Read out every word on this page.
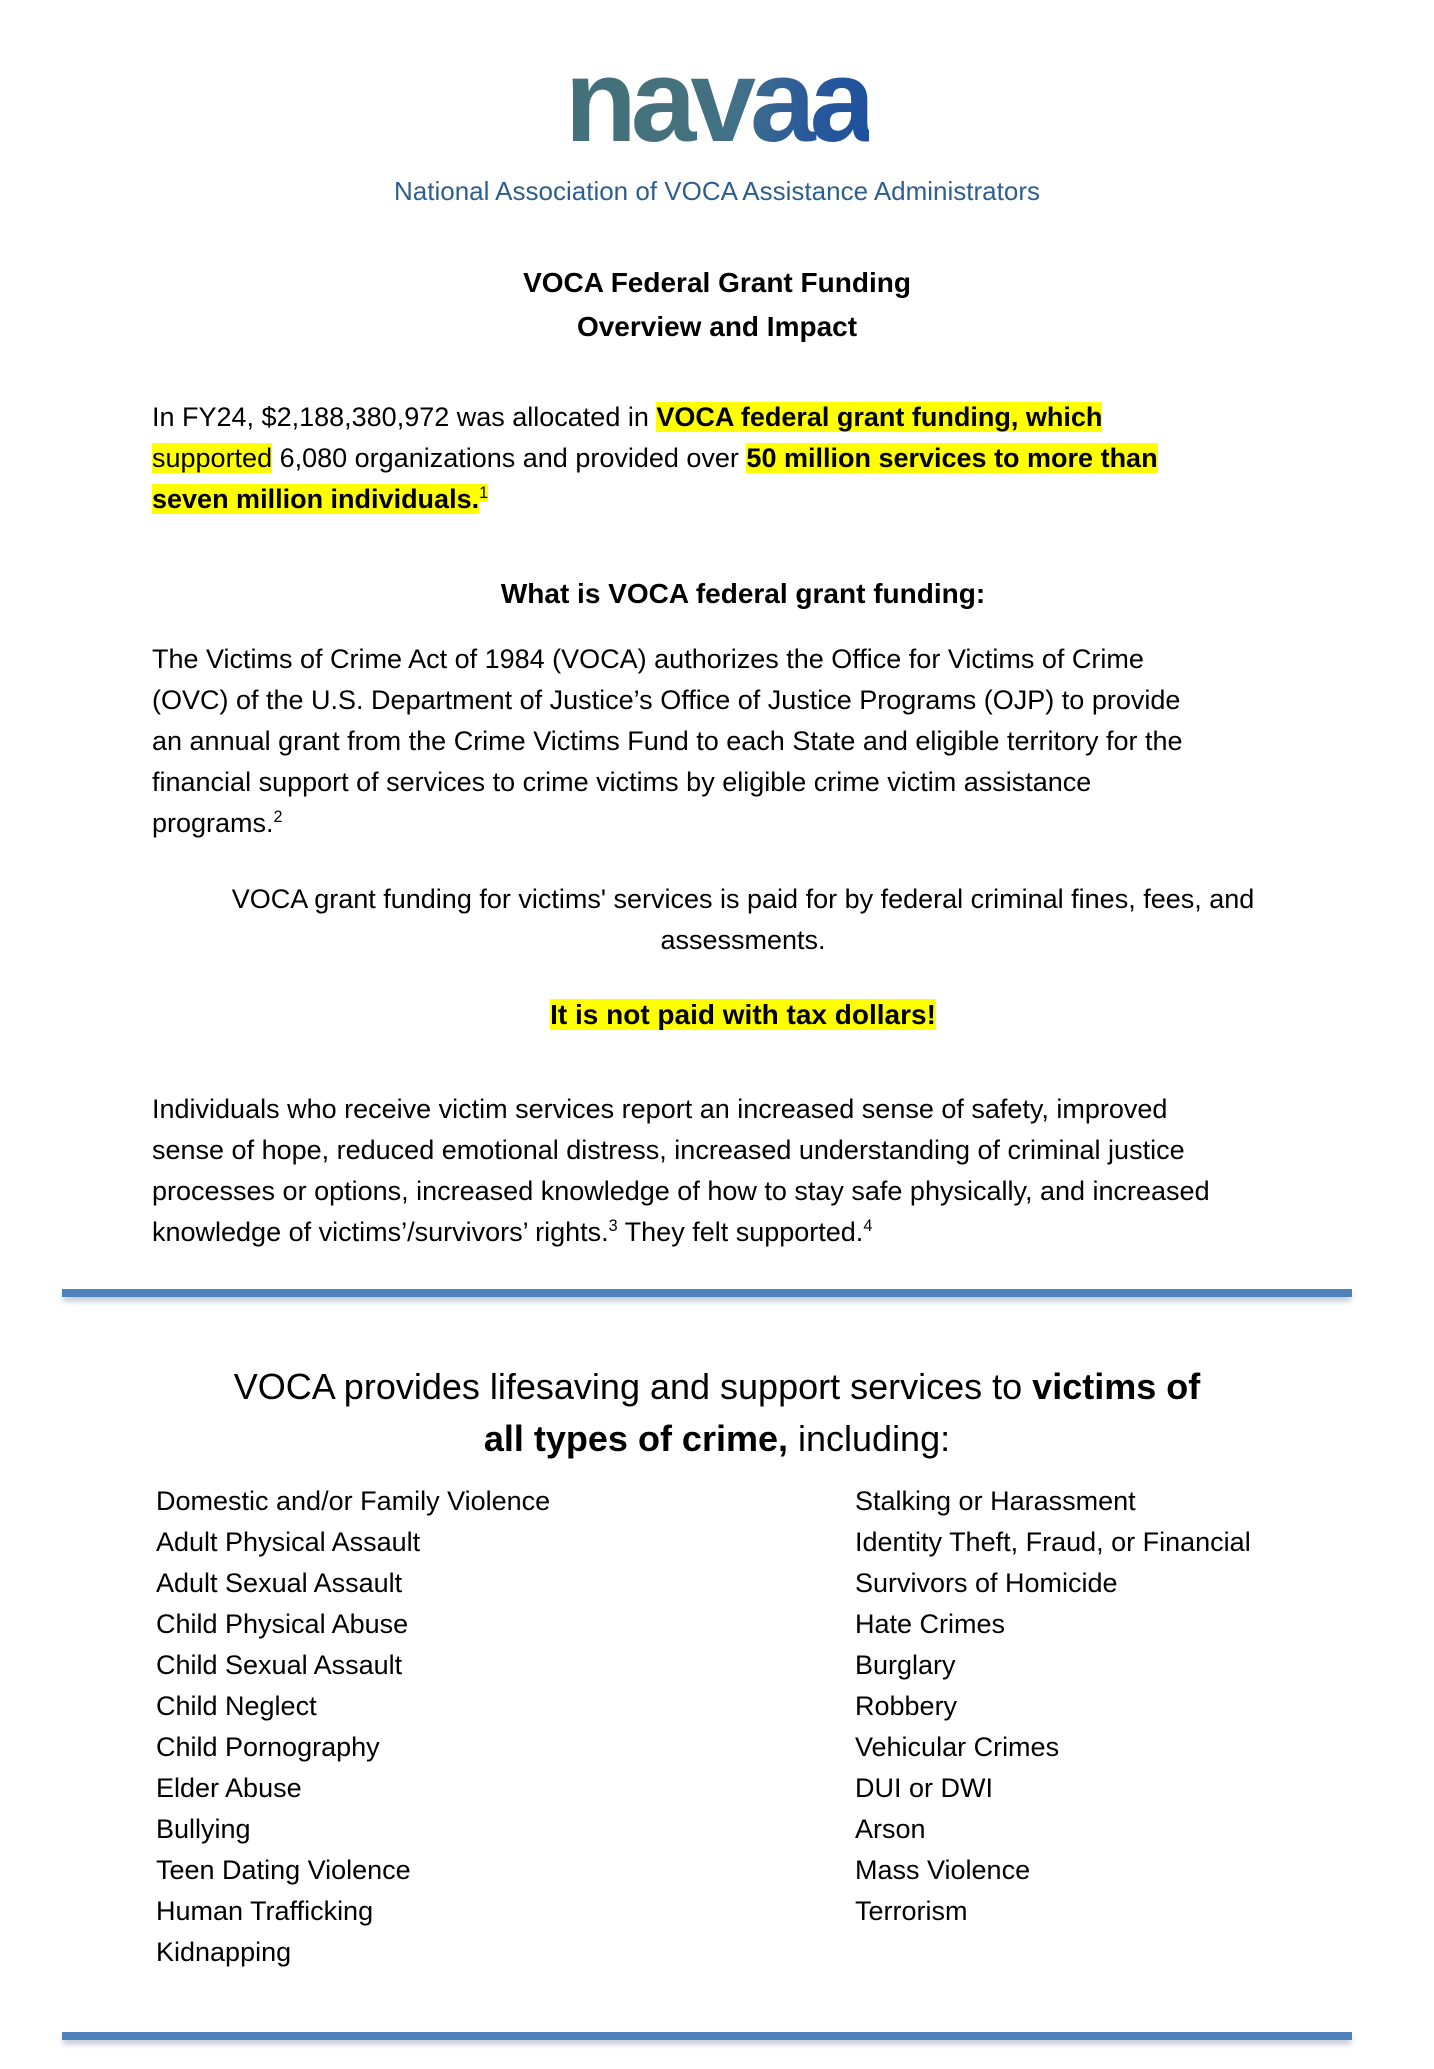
navaa
National Association of VOCA Assistance Administrators
VOCA Federal Grant Funding
Overview and Impact
In FY24, $2,188,380,972 was allocated in VOCA federal grant funding, which
supported 6,080 organizations and provided over 50 million services to more than
seven million individuals.$^1$
What is VOCA federal grant funding:
The Victims of Crime Act of 1984 (VOCA) authorizes the Office for Victims of Crime
(OVC) of the U.S. Department of Justice’s Office of Justice Programs (OJP) to provide
an annual grant from the Crime Victims Fund to each State and eligible territory for the
financial support of services to crime victims by eligible crime victim assistance
programs.$^2$
VOCA grant funding for victims' services is paid for by federal criminal fines, fees, and
assessments.
It is not paid with tax dollars!
Individuals who receive victim services report an increased sense of safety, improved
sense of hope, reduced emotional distress, increased understanding of criminal justice
processes or options, increased knowledge of how to stay safe physically, and increased
knowledge of victims’/survivors’ rights.$^3$ They felt supported.$^4$
VOCA provides lifesaving and support services to victims of
all types of crime, including:
Domestic and/or Family Violence
Adult Physical Assault
Adult Sexual Assault
Child Physical Abuse
Child Sexual Assault
Child Neglect
Child Pornography
Elder Abuse
Bullying
Teen Dating Violence
Human Trafficking
Kidnapping
Stalking or Harassment
Identity Theft, Fraud, or Financial
Survivors of Homicide
Hate Crimes
Burglary
Robbery
Vehicular Crimes
DUI or DWI
Arson
Mass Violence
Terrorism
